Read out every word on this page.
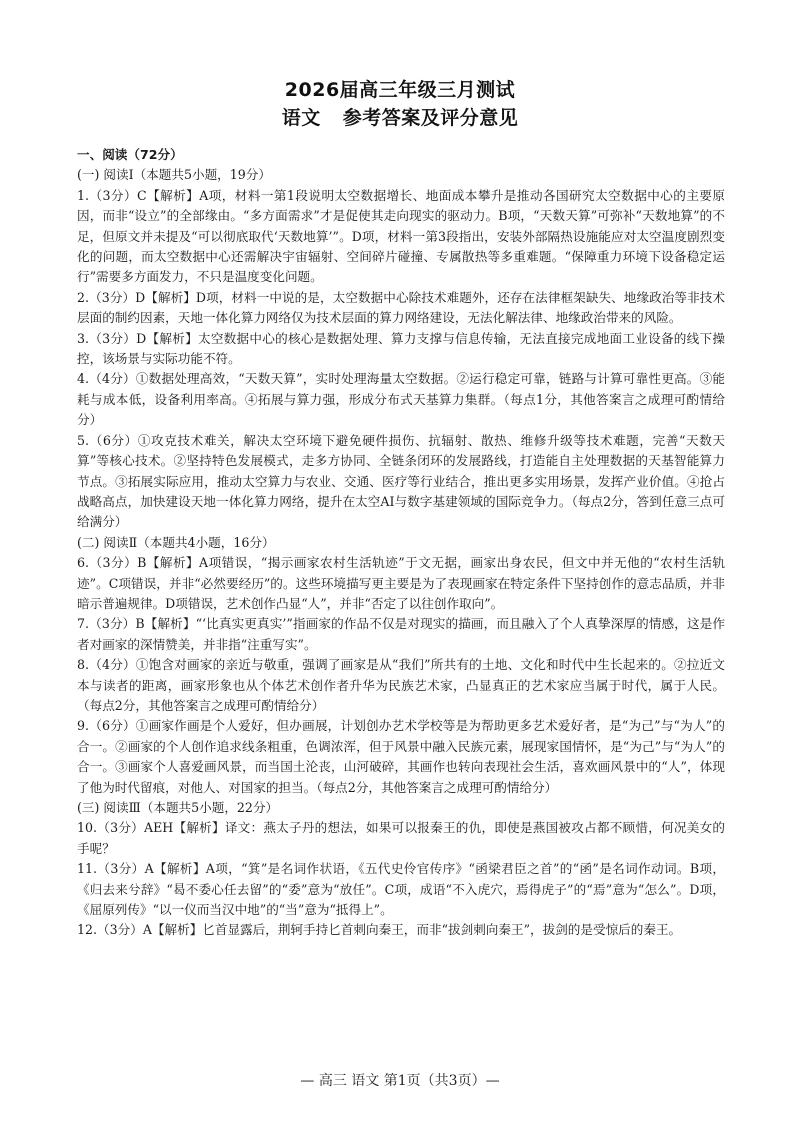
2026届高三年级三月测试
语文 参考答案及评分意见

一、阅读（72分）

(一) 阅读Ⅰ（本题共5小题，19分）

1.（3分）C【解析】A项，材料一第1段说明太空数据增长、地面成本攀升是推动各国研究太空数据中心的主要原因，而非“设立”的全部缘由。“多方面需求”才是促使其走向现实的驱动力。B项，“天数天算”可弥补“天数地算”的不足，但原文并未提及“可以彻底取代‘天数地算’”。D项，材料一第3段指出，安装外部隔热设施能应对太空温度剧烈变化的问题，而太空数据中心还需解决宇宙辐射、空间碎片碰撞、专属散热等多重难题。“保障重力环境下设备稳定运行”需要多方面发力，不只是温度变化问题。

2.（3分）D【解析】D项，材料一中说的是，太空数据中心除技术难题外，还存在法律框架缺失、地缘政治等非技术层面的制约因素，天地一体化算力网络仅为技术层面的算力网络建设，无法化解法律、地缘政治带来的风险。

3.（3分）D【解析】太空数据中心的核心是数据处理、算力支撑与信息传输，无法直接完成地面工业设备的线下操控，该场景与实际功能不符。

4.（4分）①数据处理高效，“天数天算”，实时处理海量太空数据。②运行稳定可靠，链路与计算可靠性更高。③能耗与成本低，设备利用率高。④拓展与算力强，形成分布式天基算力集群。（每点1分，其他答案言之成理可酌情给分）

5.（6分）①攻克技术难关，解决太空环境下避免硬件损伤、抗辐射、散热、维修升级等技术难题，完善“天数天算”等核心技术。②坚持特色发展模式，走多方协同、全链条闭环的发展路线，打造能自主处理数据的天基智能算力节点。③拓展实际应用，推动太空算力与农业、交通、医疗等行业结合，推出更多实用场景，发挥产业价值。④抢占战略高点，加快建设天地一体化算力网络，提升在太空AI与数字基建领域的国际竞争力。（每点2分，答到任意三点可给满分）

(二) 阅读Ⅱ（本题共4小题，16分）

6.（3分）B【解析】A项错误，“揭示画家农村生活轨迹”于文无据，画家出身农民，但文中并无他的“农村生活轨迹”。C项错误，并非“必然要经历”的。这些环境描写更主要是为了表现画家在特定条件下坚持创作的意志品质，并非暗示普遍规律。D项错误，艺术创作凸显“人”，并非“否定了以往创作取向”。

7.（3分）B【解析】“‘比真实更真实’”指画家的作品不仅是对现实的描画，而且融入了个人真挚深厚的情感，这是作者对画家的深情赞美，并非指“注重写实”。

8.（4分）①饱含对画家的亲近与敬重，强调了画家是从“我们”所共有的土地、文化和时代中生长起来的。②拉近文本与读者的距离，画家形象也从个体艺术创作者升华为民族艺术家，凸显真正的艺术家应当属于时代，属于人民。（每点2分，其他答案言之成理可酌情给分）

9.（6分）①画家作画是个人爱好，但办画展，计划创办艺术学校等是为帮助更多艺术爱好者，是“为己”与“为人”的合一。②画家的个人创作追求线条粗重，色调浓浑，但于风景中融入民族元素，展现家国情怀，是“为己”与“为人”的合一。③画家个人喜爱画风景，而当国土沦丧，山河破碎，其画作也转向表现社会生活，喜欢画风景中的“人”，体现了他为时代留痕，对他人、对国家的担当。（每点2分，其他答案言之成理可酌情给分）

(三) 阅读Ⅲ（本题共5小题，22分）

10.（3分）AEH【解析】译文：燕太子丹的想法，如果可以报秦王的仇，即使是燕国被攻占都不顾惜，何况美女的手呢？

11.（3分）A【解析】A项，“箕”是名词作状语，《五代史伶官传序》“函梁君臣之首”的“函”是名词作动词。B项，《归去来兮辞》“曷不委心任去留”的“委”意为“放任”。C项，成语“不入虎穴，焉得虎子”的“焉”意为“怎么”。D项，《屈原列传》“以一仪而当汉中地”的“当”意为“抵得上”。

12.（3分）A【解析】匕首显露后，荆轲手持匕首刺向秦王，而非“拔剑刺向秦王”，拔剑的是受惊后的秦王。

— 高三 语文 第1页（共3页）—
